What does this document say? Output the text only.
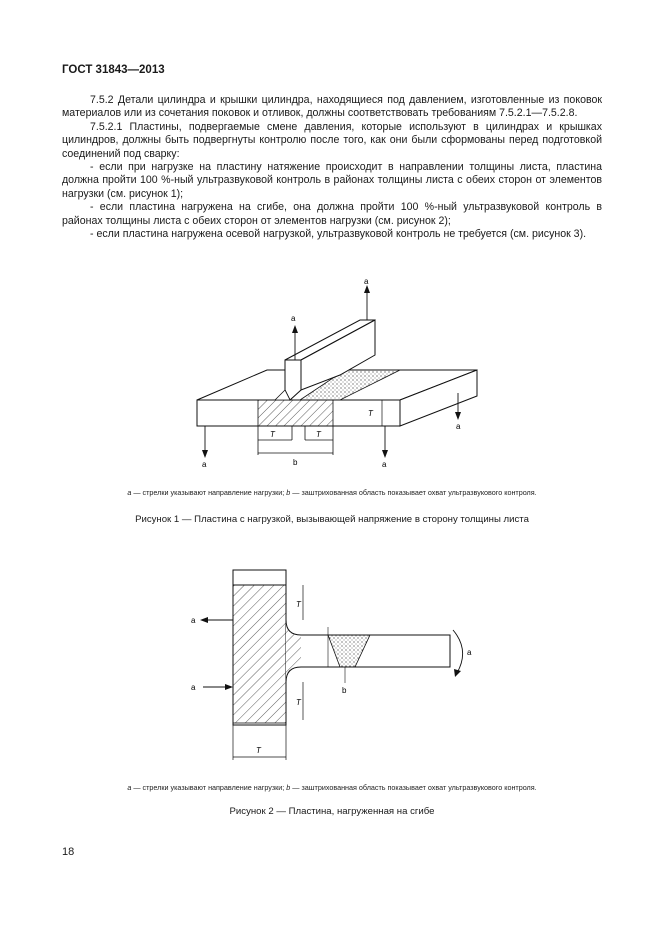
ГОСТ 31843—2013

7.5.2 Детали цилиндра и крышки цилиндра, находящиеся под давлением, изготовленные из поковок материалов или из сочетания поковок и отливок, должны соответствовать требованиям 7.5.2.1—7.5.2.8.

7.5.2.1 Пластины, подвергаемые смене давления, которые используют в цилиндрах и крышках цилиндров, должны быть подвергнуты контролю после того, как они были сформованы перед подготовкой соединений под сварку:

- если при нагрузке на пластину натяжение происходит в направлении толщины листа, пластина должна пройти 100 %-ный ультразвуковой контроль в районах толщины листа с обеих сторон от элементов нагрузки (см. рисунок 1);

- если пластина нагружена на сгибе, она должна пройти 100 %-ный ультразвуковой контроль в районах толщины листа с обеих сторон от элементов нагрузки (см. рисунок 2);

- если пластина нагружена осевой нагрузкой, ультразвуковой контроль не требуется (см. рисунок 3).

T	T
b
T
a
a
a	a
a
a — стрелки указывают направление нагрузки; b — заштрихованная область показывает охват ультразвукового контроля.
Рисунок 1 — Пластина с нагрузкой, вызывающей напряжение в сторону толщины листа
T
T
T
b
a
a
a
a — стрелки указывают направление нагрузки; b — заштрихованная область показывает охват ультразвукового контроля.
Рисунок 2 — Пластина, нагруженная на сгибе
18
